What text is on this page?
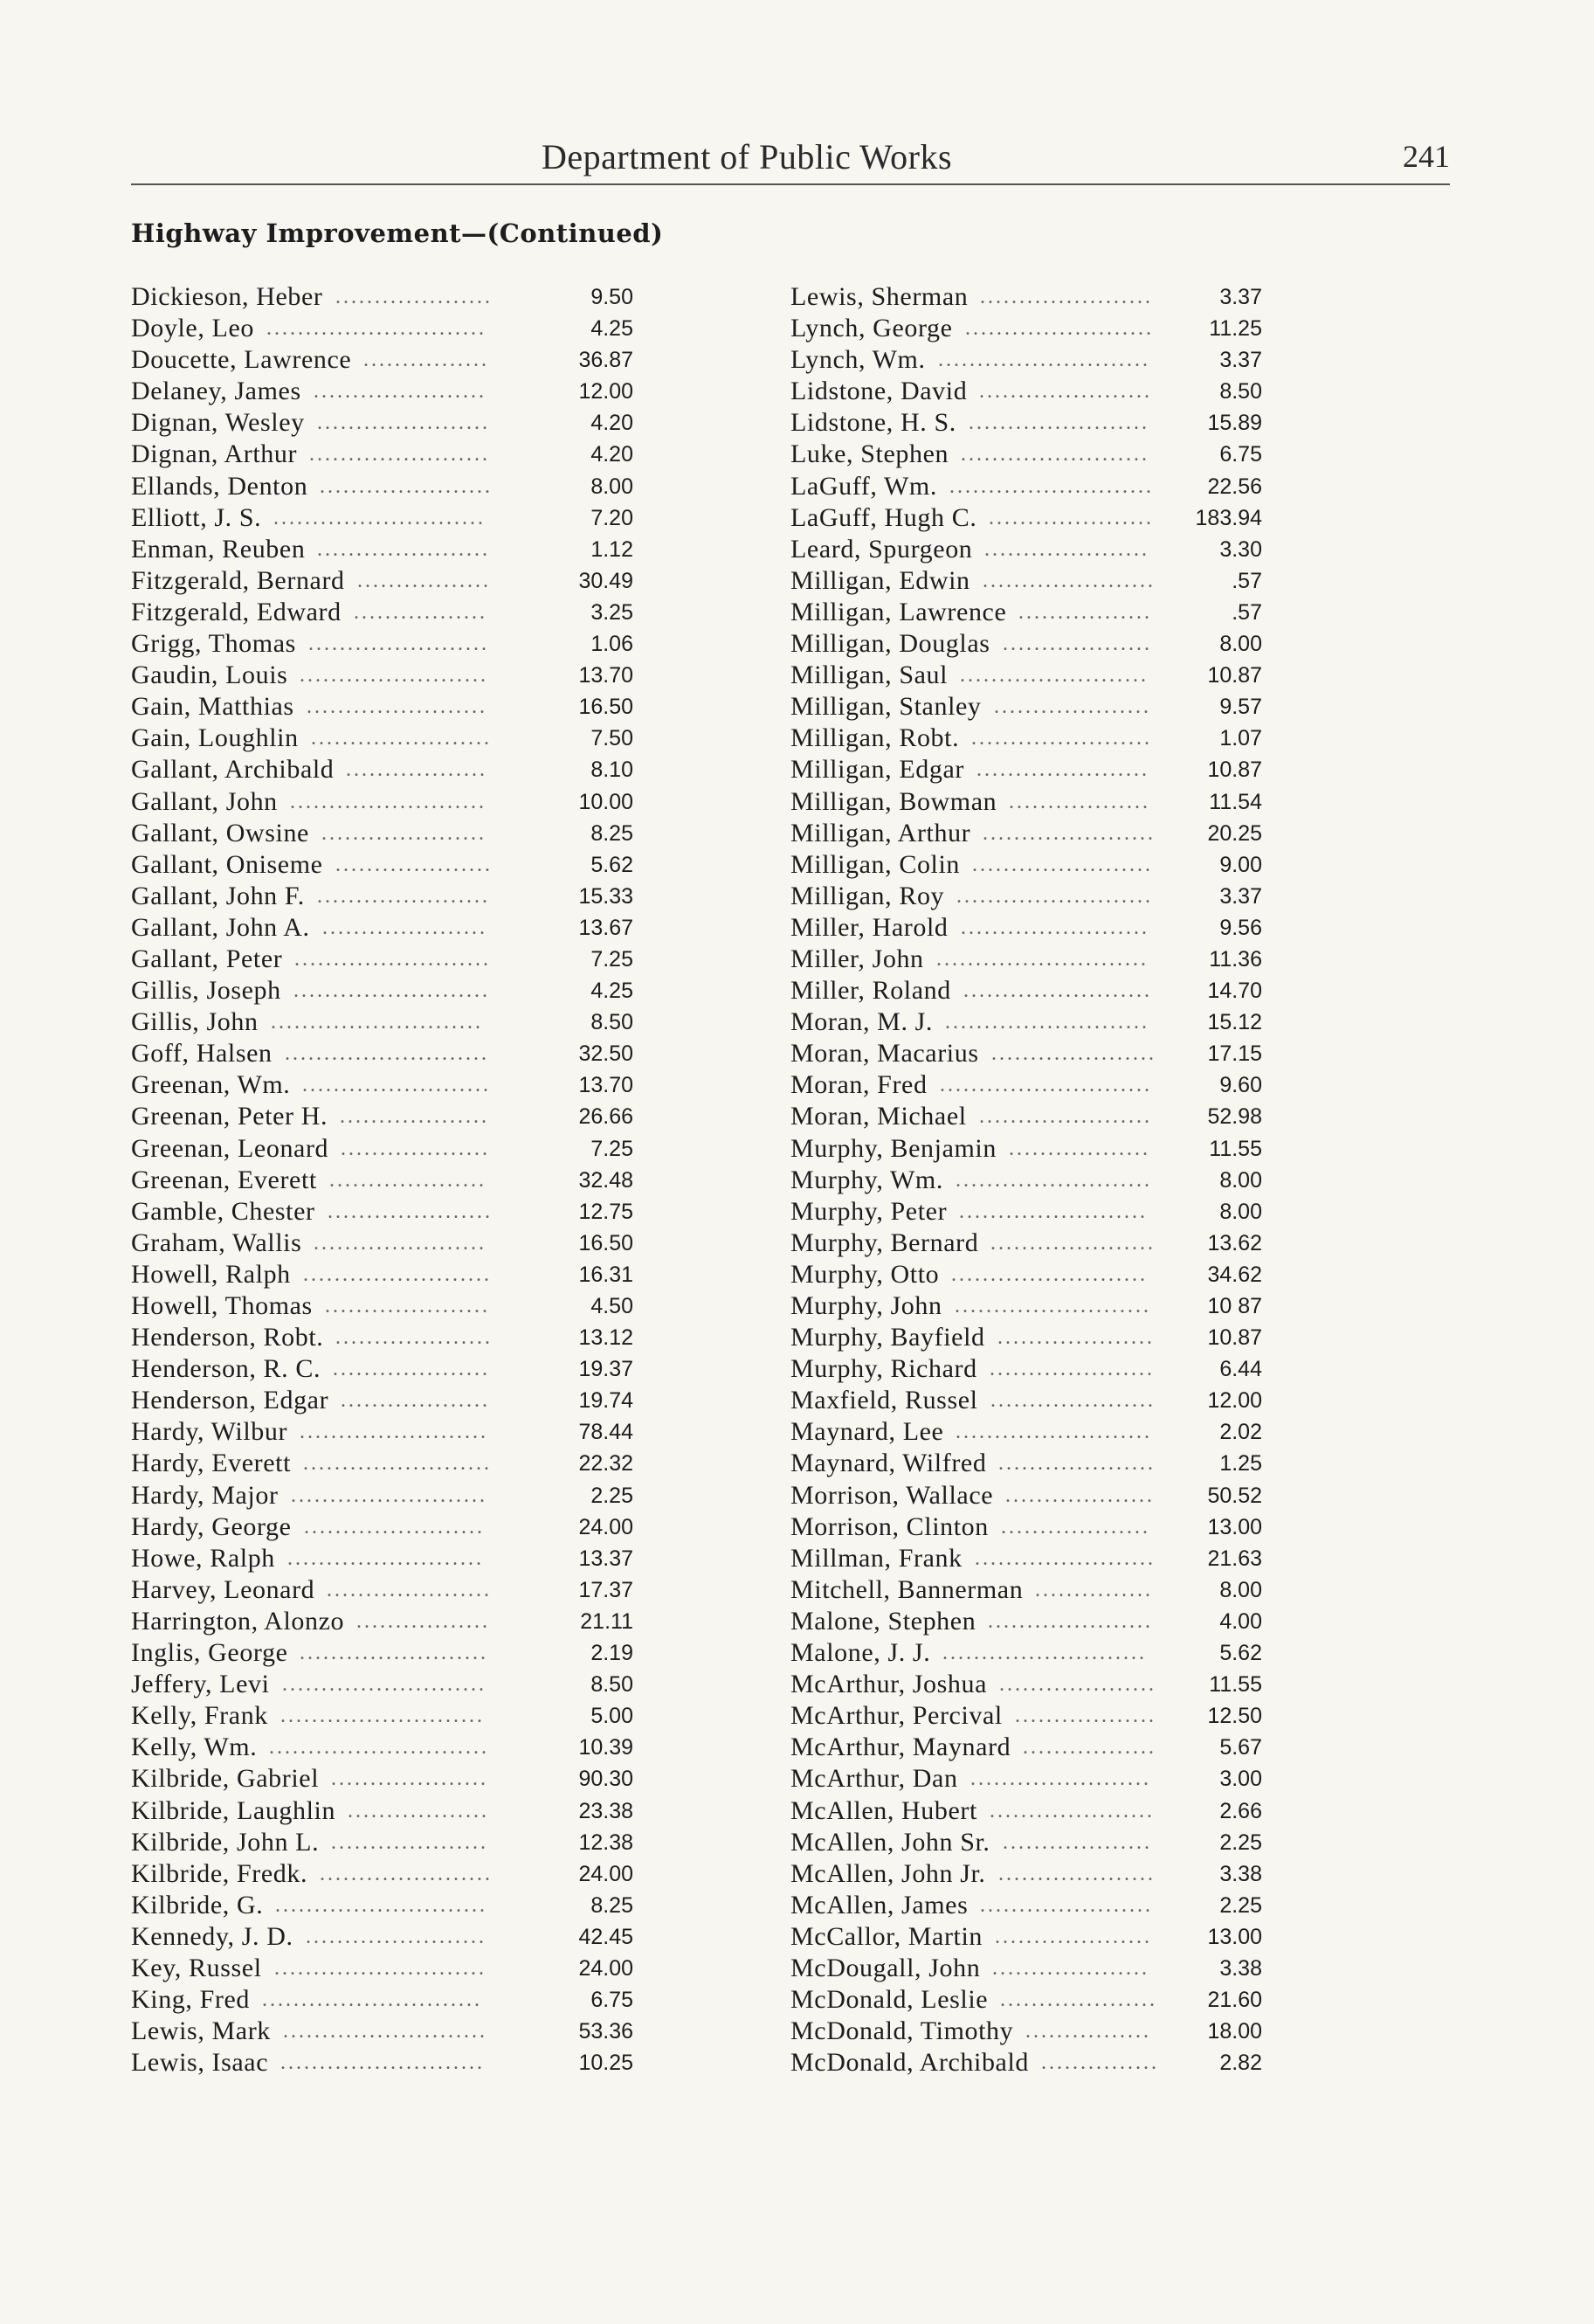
Department of Public Works	241
Highway Improvement—(Continued)
Dickieson, Heber	9.50
....................
Doyle, Leo	4.25
............................
Doucette, Lawrence	36.87
................
Delaney, James	12.00
......................
Dignan, Wesley	4.20
......................
Dignan, Arthur	4.20
.......................
Ellands, Denton	8.00
......................
Elliott, J. S.	7.20
...........................
Enman, Reuben	1.12
......................
Fitzgerald, Bernard	30.49
.................
Fitzgerald, Edward	3.25
.................
Grigg, Thomas	1.06
.......................
Gaudin, Louis	13.70
........................
Gain, Matthias	16.50
.......................
Gain, Loughlin	7.50
.......................
Gallant, Archibald	8.10
..................
Gallant, John	10.00
.........................
Gallant, Owsine	8.25
.....................
Gallant, Oniseme	5.62
....................
Gallant, John F.	15.33
......................
Gallant, John A.	13.67
.....................
Gallant, Peter	7.25
.........................
Gillis, Joseph	4.25
.........................
Gillis, John	8.50
...........................
Goff, Halsen	32.50
..........................
Greenan, Wm.	13.70
........................
Greenan, Peter H.	26.66
...................
Greenan, Leonard	7.25
...................
Greenan, Everett	32.48
....................
Gamble, Chester	12.75
.....................
Graham, Wallis	16.50
......................
Howell, Ralph	16.31
........................
Howell, Thomas	4.50
.....................
Henderson, Robt.	13.12
....................
Henderson, R. C.	19.37
....................
Henderson, Edgar	19.74
...................
Hardy, Wilbur	78.44
........................
Hardy, Everett	22.32
........................
Hardy, Major	2.25
.........................
Hardy, George	24.00
.......................
Howe, Ralph	13.37
.........................
Harvey, Leonard	17.37
.....................
Harrington, Alonzo	21.11
.................
Inglis, George	2.19
........................
Jeffery, Levi	8.50
..........................
Kelly, Frank	5.00
..........................
Kelly, Wm.	10.39
............................
Kilbride, Gabriel	90.30
....................
Kilbride, Laughlin	23.38
..................
Kilbride, John L.	12.38
....................
Kilbride, Fredk.	24.00
......................
Kilbride, G.	8.25
...........................
Kennedy, J. D.	42.45
.......................
Key, Russel	24.00
...........................
King, Fred	6.75
............................
Lewis, Mark	53.36
..........................
Lewis, Isaac	10.25
..........................
Lewis, Sherman	3.37
......................
Lynch, George	11.25
........................
Lynch, Wm.	3.37
...........................
Lidstone, David	8.50
......................
Lidstone, H. S.	15.89
.......................
Luke, Stephen	6.75
........................
LaGuff, Wm.	22.56
..........................
LaGuff, Hugh C.	183.94
.....................
Leard, Spurgeon	3.30
.....................
Milligan, Edwin	.57
......................
Milligan, Lawrence	.57
.................
Milligan, Douglas	8.00
...................
Milligan, Saul	10.87
........................
Milligan, Stanley	9.57
....................
Milligan, Robt.	1.07
.......................
Milligan, Edgar	10.87
......................
Milligan, Bowman	11.54
..................
Milligan, Arthur	20.25
......................
Milligan, Colin	9.00
.......................
Milligan, Roy	3.37
.........................
Miller, Harold	9.56
........................
Miller, John	11.36
...........................
Miller, Roland	14.70
........................
Moran, M. J.	15.12
..........................
Moran, Macarius	17.15
.....................
Moran, Fred	9.60
...........................
Moran, Michael	52.98
......................
Murphy, Benjamin	11.55
..................
Murphy, Wm.	8.00
.........................
Murphy, Peter	8.00
........................
Murphy, Bernard	13.62
.....................
Murphy, Otto	34.62
.........................
Murphy, John	10 87
.........................
Murphy, Bayfield	10.87
....................
Murphy, Richard	6.44
.....................
Maxfield, Russel	12.00
.....................
Maynard, Lee	2.02
.........................
Maynard, Wilfred	1.25
....................
Morrison, Wallace	50.52
...................
Morrison, Clinton	13.00
...................
Millman, Frank	21.63
.......................
Mitchell, Bannerman	8.00
...............
Malone, Stephen	4.00
.....................
Malone, J. J.	5.62
..........................
McArthur, Joshua	11.55
....................
McArthur, Percival	12.50
..................
McArthur, Maynard	5.67
.................
McArthur, Dan	3.00
.......................
McAllen, Hubert	2.66
.....................
McAllen, John Sr.	2.25
...................
McAllen, John Jr.	3.38
....................
McAllen, James	2.25
......................
McCallor, Martin	13.00
....................
McDougall, John	3.38
....................
McDonald, Leslie	21.60
....................
McDonald, Timothy	18.00
................
McDonald, Archibald	2.82
...............
